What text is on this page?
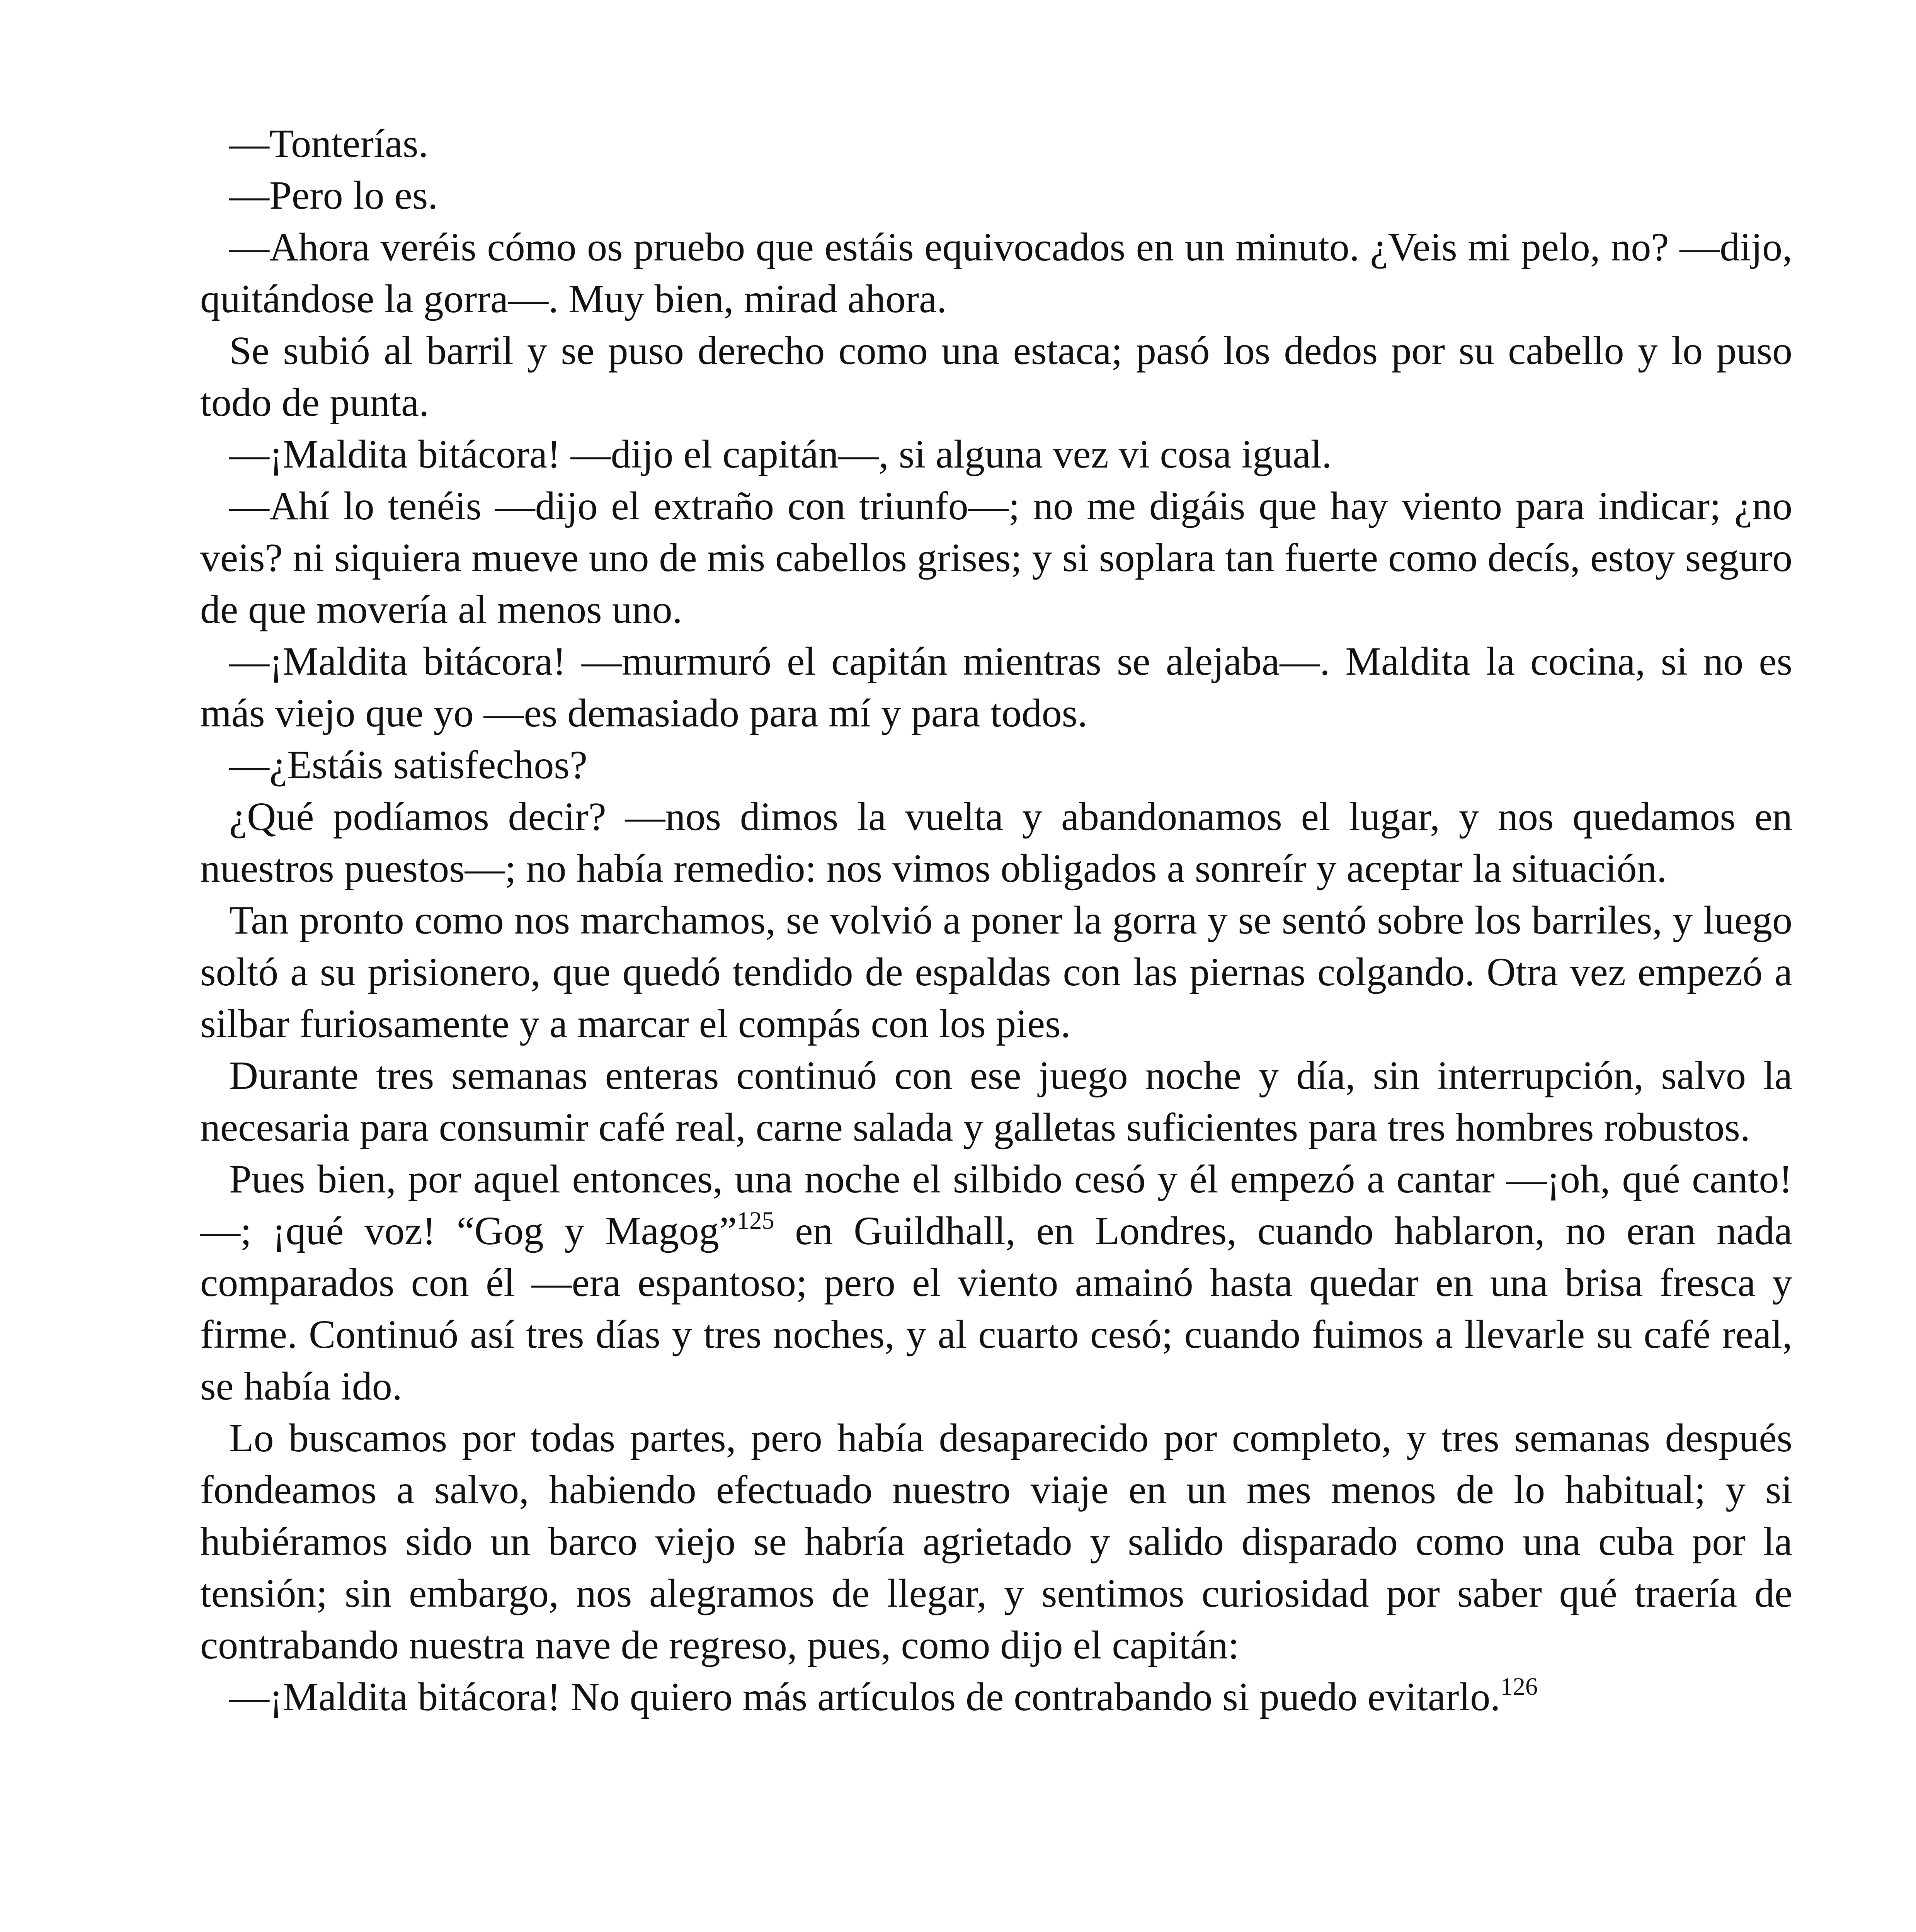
—Tonterías.

—Pero lo es.

—Ahora veréis cómo os pruebo que estáis equivocados en un minuto. ¿Veis mi pelo, no? —dijo, quitándose la gorra—. Muy bien, mirad ahora.

Se subió al barril y se puso derecho como una estaca; pasó los dedos por su cabello y lo puso todo de punta.

—¡Maldita bitácora! —dijo el capitán—, si alguna vez vi cosa igual.

—Ahí lo tenéis —dijo el extraño con triunfo—; no me digáis que hay viento para indicar; ¿no veis? ni siquiera mueve uno de mis cabellos grises; y si soplara tan fuerte como decís, estoy seguro de que movería al menos uno.

—¡Maldita bitácora! —murmuró el capitán mientras se alejaba—. Maldita la cocina, si no es más viejo que yo —es demasiado para mí y para todos.

—¿Estáis satisfechos?

¿Qué podíamos decir? —nos dimos la vuelta y abandonamos el lugar, y nos quedamos en nuestros puestos—; no había remedio: nos vimos obligados a sonreír y aceptar la situación.

Tan pronto como nos marchamos, se volvió a poner la gorra y se sentó sobre los barriles, y luego soltó a su prisionero, que quedó tendido de espaldas con las piernas colgando. Otra vez empezó a silbar furiosamente y a marcar el compás con los pies.

Durante tres semanas enteras continuó con ese juego noche y día, sin interrupción, salvo la necesaria para consumir café real, carne salada y galletas suficientes para tres hombres robustos.

Pues bien, por aquel entonces, una noche el silbido cesó y él empezó a cantar —¡oh, qué canto!—; ¡qué voz! “Gog y Magog”$^{125}$ en Guildhall, en Londres, cuando hablaron, no eran nada comparados con él —era espantoso; pero el viento amainó hasta quedar en una brisa fresca y firme. Continuó así tres días y tres noches, y al cuarto cesó; cuando fuimos a llevarle su café real, se había ido.

Lo buscamos por todas partes, pero había desaparecido por completo, y tres semanas después fondeamos a salvo, habiendo efectuado nuestro viaje en un mes menos de lo habitual; y si hubiéramos sido un barco viejo se habría agrietado y salido disparado como una cuba por la tensión; sin embargo, nos alegramos de llegar, y sentimos curiosidad por saber qué traería de contrabando nuestra nave de regreso, pues, como dijo el capitán:

—¡Maldita bitácora! No quiero más artículos de contrabando si puedo evitarlo.$^{126}$
